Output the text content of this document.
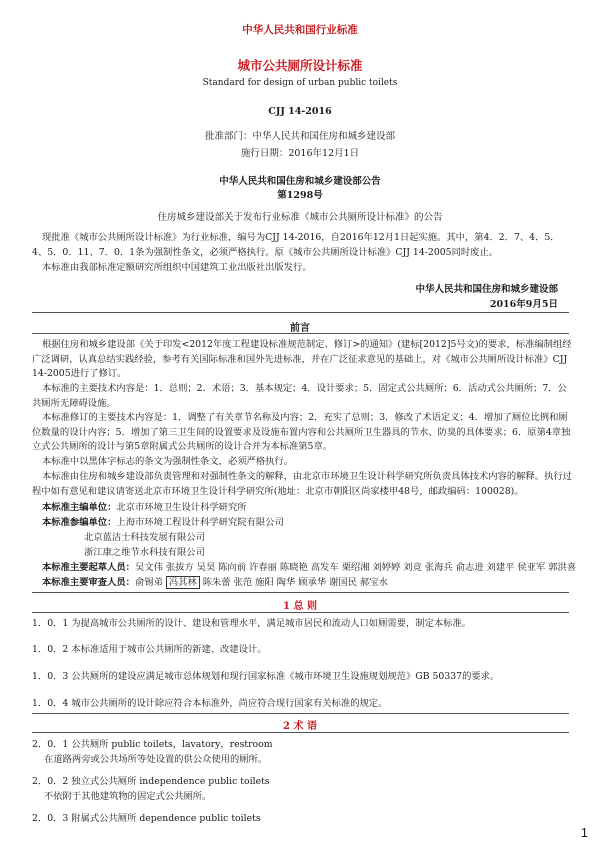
中华人民共和国行业标准

城市公共厕所设计标准

Standard for design of urban public toilets

CJJ 14-2016

批准部门：中华人民共和国住房和城乡建设部

施行日期：2016年12月1日

中华人民共和国住房和城乡建设部公告

第1298号

住房城乡建设部关于发布行业标准《城市公共厕所设计标准》的公告

现批准《城市公共厕所设计标准》为行业标准，编号为CJJ 14-2016，自2016年12月1日起实施。其中，第4．2．7、4．5．4、5．0．11、7．0．1条为强制性条文，必须严格执行。原《城市公共厕所设计标准》CJJ 14-2005同时废止。

本标准由我部标准定额研究所组织中国建筑工业出版社出版发行。

中华人民共和国住房和城乡建设部

2016年9月5日

前言

根据住房和城乡建设部《关于印发<2012年度工程建设标准规范制定、修订>的通知》(建标[2012]5号文)的要求，标准编制组经广泛调研，认真总结实践经验，参考有关国际标准和国外先进标准，并在广泛征求意见的基础上，对《城市公共厕所设计标准》CJJ 14-2005进行了修订。

本标准的主要技术内容是：1．总则；2．术语；3．基本规定；4．设计要求；5．固定式公共厕所；6．活动式公共厕所；7．公共厕所无障碍设施。

本标准修订的主要技术内容是：1．调整了有关章节名称及内容；2．充实了总则；3．修改了术语定义；4．增加了厕位比例和厕位数量的设计内容；5．增加了第三卫生间的设置要求及设施布置内容和公共厕所卫生器具的节水、防臭的具体要求；6．原第4章独立式公共厕所的设计与第5章附属式公共厕所的设计合并为本标准第5章。

本标准中以黑体字标志的条文为强制性条文，必须严格执行。

本标准由住房和城乡建设部负责管理和对强制性条文的解释，由北京市环境卫生设计科学研究所负责具体技术内容的解释。执行过程中如有意见和建议请寄送北京市环境卫生设计科学研究所(地址：北京市朝阳区尚家楼甲48号，邮政编码：100028)。

本标准主编单位：北京市环境卫生设计科学研究所

本标准参编单位：上海市环境工程设计科学研究院有限公司

北京蓝洁士科技发展有限公司

浙江康之维节水科技有限公司

本标准主要起草人员：吴文伟 张拔方 吴昊 陈向前 许春丽 陈晓艳 高发车 栗绍湘 刘婷婷 刘竞 张海兵 俞志进 刘建平 侯亚军 郭洪喜

本标准主要审查人员：俞锡弟 冯其林 陈朱蕾 张范 施阳 陶华 顾承华 谢国民 郝宝水

1 总 则

1．0．1 为提高城市公共厕所的设计、建设和管理水平，满足城市居民和流动人口如厕需要，制定本标准。

1．0．2 本标准适用于城市公共厕所的新建、改建设计。

1．0．3 公共厕所的建设应满足城市总体规划和现行国家标准《城市环境卫生设施规划规范》GB 50337的要求。

1．0．4 城市公共厕所的设计除应符合本标准外，尚应符合现行国家有关标准的规定。

2 术 语

2．0．1 公共厕所 public toilets，lavatory，restroom

在道路两旁或公共场所等处设置的供公众使用的厕所。

2．0．2 独立式公共厕所 independence public toilets

不依附于其他建筑物的固定式公共厕所。

2．0．3 附属式公共厕所 dependence public toilets

1
